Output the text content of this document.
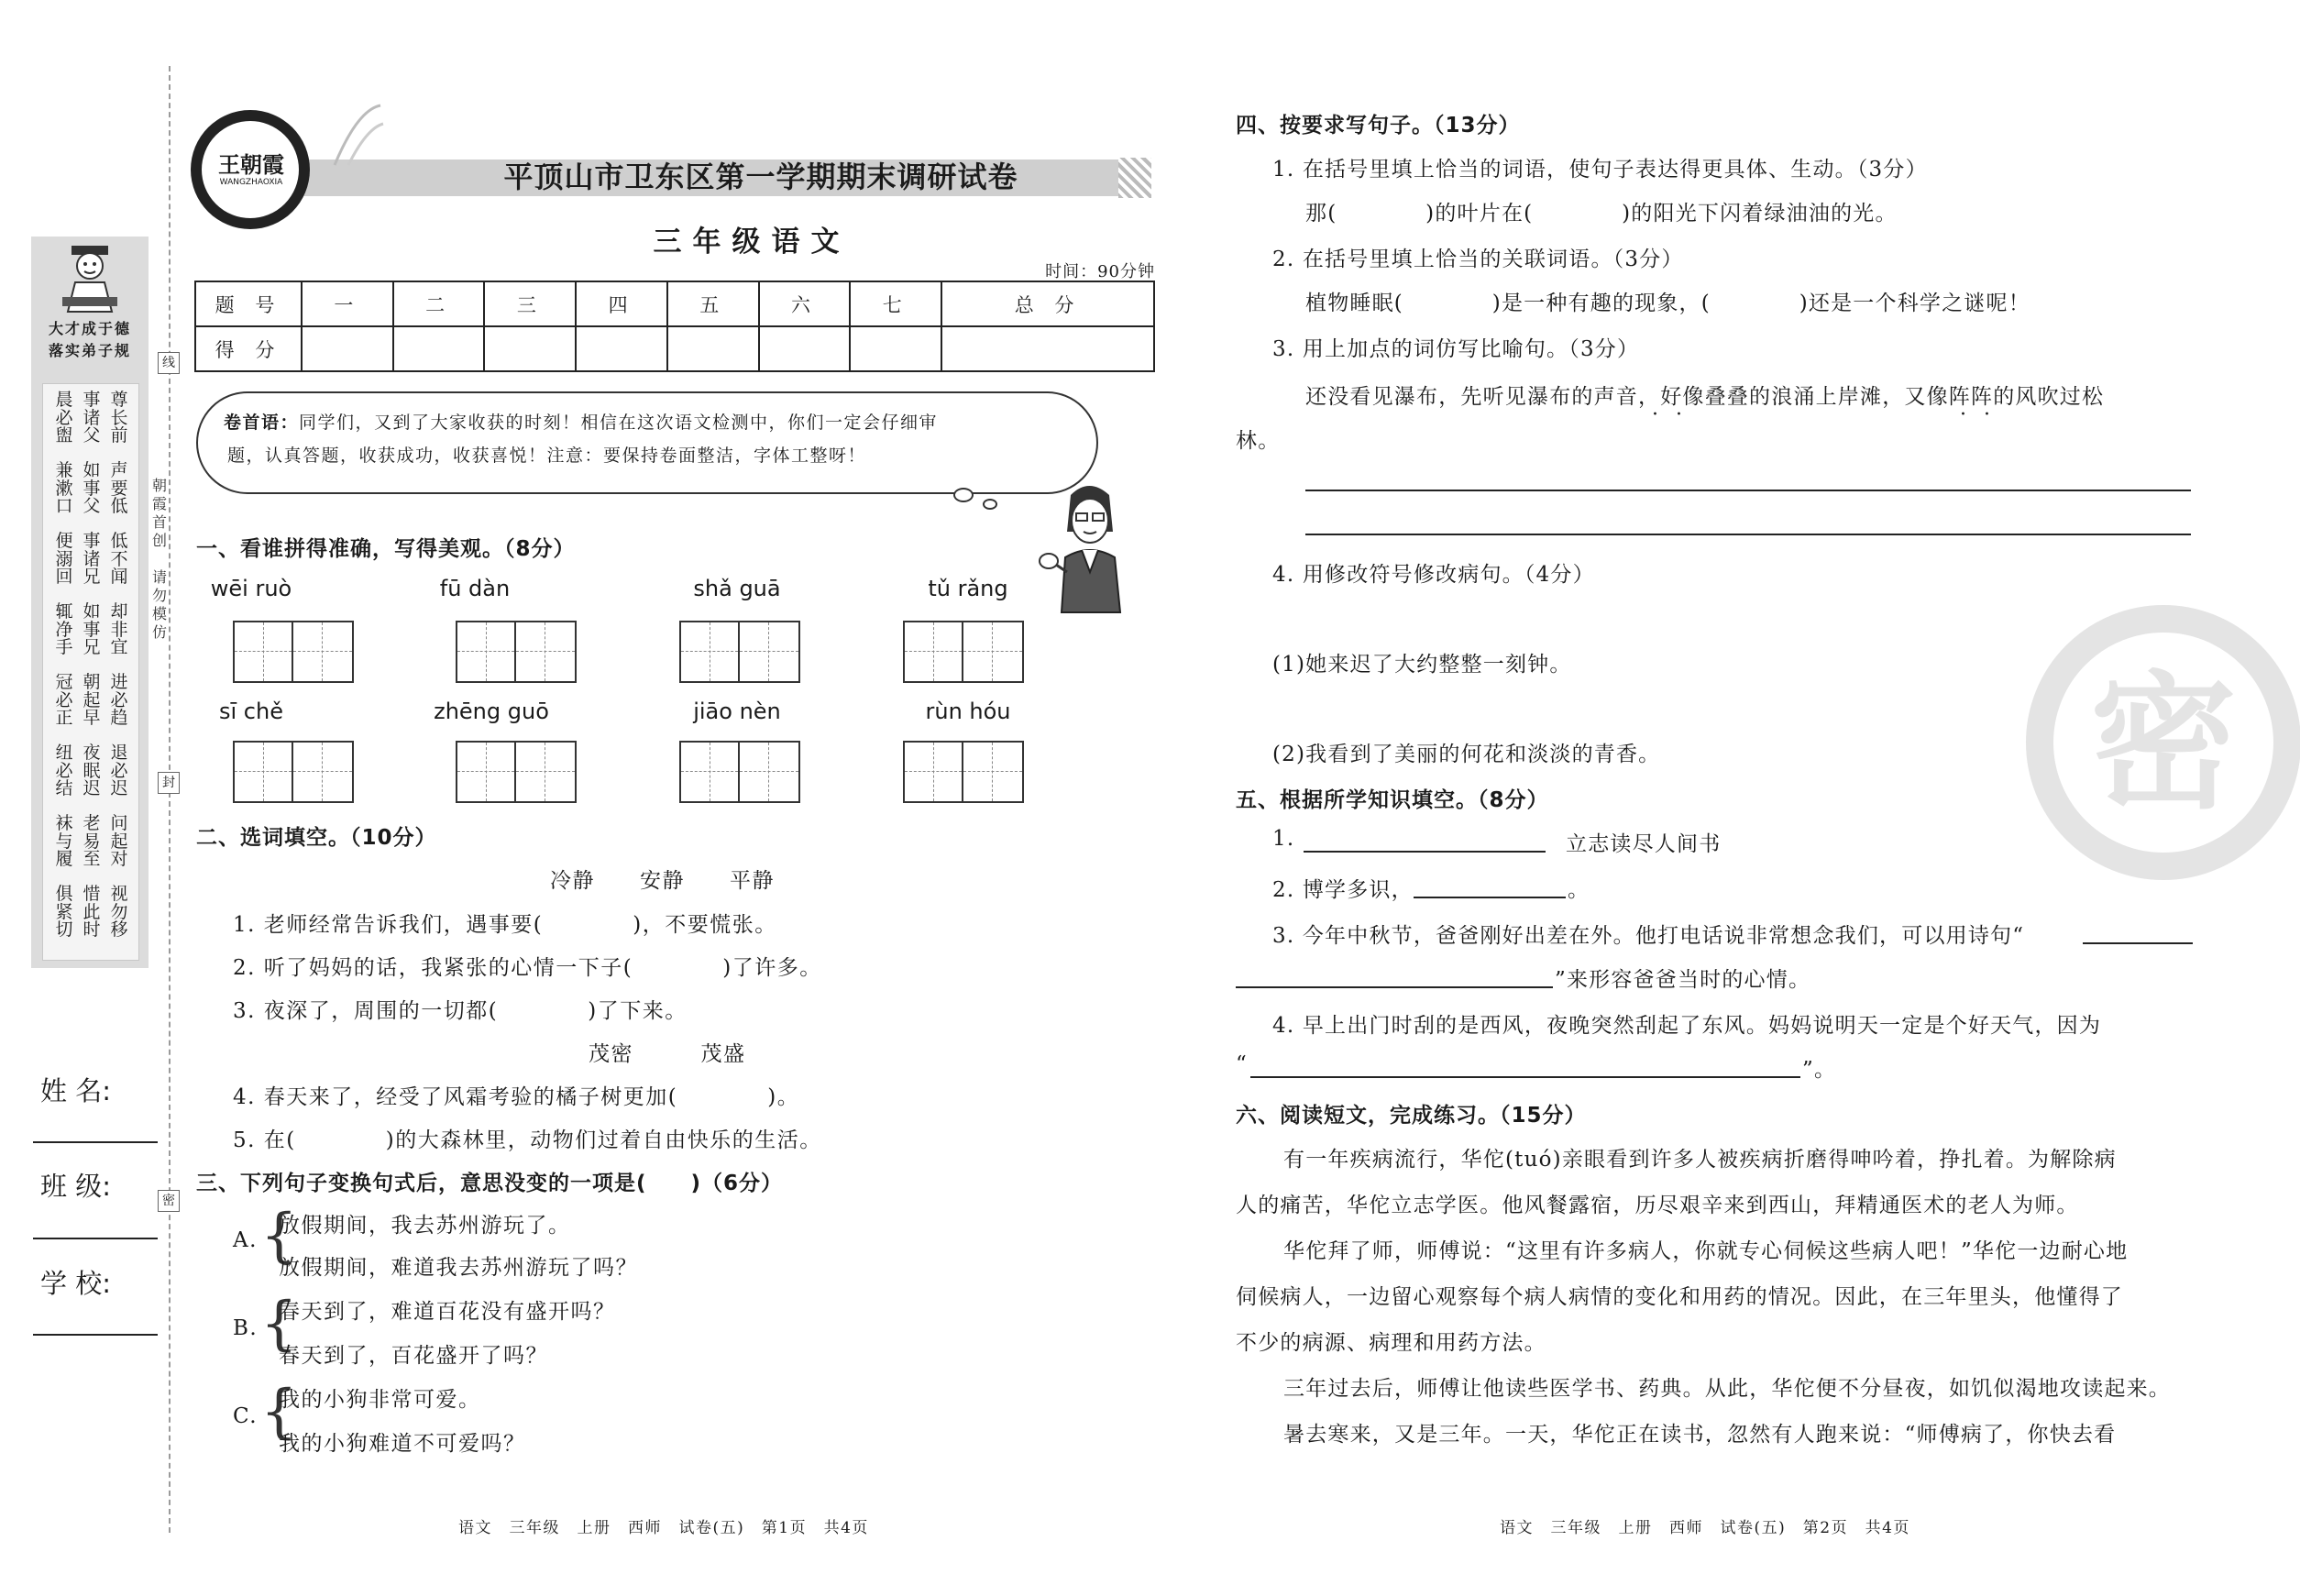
大才成于德
落实弟子规
晨必盥
事诸父
尊长前
兼漱口
如事父
声要低
便溺回
事诸兄
低不闻
辄净手
如事兄
却非宜
冠必正
朝起早
进必趋
纽必结
夜眠迟
退必迟
袜与履
老易至
问起对
俱紧切
惜此时
视勿移
线
封
密
朝霞首创
请勿模仿
姓 名:
班 级:
学 校:
王朝霞
WANGZHAOXIA	平顶山市卫东区第一学期期末调研试卷
三年级语文
时间：90分钟
题 号	一	二	三	四	五	六	七	总 分
得 分								
卷首语：同学们，又到了大家收获的时刻！相信在这次语文检测中，你们一定会仔细审
题，认真答题，收获成功，收获喜悦！注意：要保持卷面整洁，字体工整呀！
一、看谁拼得准确，写得美观。（8分）
wēi ruò	fū dàn	shǎ guā	tǔ rǎng
sī chě	zhēng guō	jiāo nèn	rùn hóu
二、选词填空。（10分）
冷静　　安静　　平静
1. 老师经常告诉我们，遇事要(　　　　)，不要慌张。
2. 听了妈妈的话，我紧张的心情一下子(　　　　)了许多。
3. 夜深了，周围的一切都(　　　　)了下来。
茂密　　　茂盛
4. 春天来了，经受了风霜考验的橘子树更加(　　　　)。
5. 在(　　　　)的大森林里，动物们过着自由快乐的生活。
三、下列句子变换句式后，意思没变的一项是(　　)（6分）
A. {
放假期间，我去苏州游玩了。
放假期间，难道我去苏州游玩了吗？
B. {
春天到了，难道百花没有盛开吗？
春天到了，百花盛开了吗？
C. {
我的小狗非常可爱。
我的小狗难道不可爱吗？
语文　三年级　上册　西师　试卷(五)　第1页　共4页
密
四、按要求写句子。（13分）
1. 在括号里填上恰当的词语，使句子表达得更具体、生动。（3分）
那(　　　　)的叶片在(　　　　)的阳光下闪着绿油油的光。
2. 在括号里填上恰当的关联词语。（3分）
植物睡眠(　　　　)是一种有趣的现象，(　　　　)还是一个科学之谜呢！
3. 用上加点的词仿写比喻句。（3分）
还没看见瀑布，先听见瀑布的声音，好像叠叠的浪涌上岸滩，又像阵阵的风吹过松
· ·	· ·
林。
4. 用修改符号修改病句。（4分）
(1)她来迟了大约整整一刻钟。
(2)我看到了美丽的何花和淡淡的青香。
五、根据所学知识填空。（8分）
1.	立志读尽人间书
2. 博学多识，	。
3. 今年中秋节，爸爸刚好出差在外。他打电话说非常想念我们，可以用诗句“
”来形容爸爸当时的心情。
4. 早上出门时刮的是西风，夜晚突然刮起了东风。妈妈说明天一定是个好天气，因为
“	”。
六、阅读短文，完成练习。（15分）
有一年疾病流行，华佗(tuó)亲眼看到许多人被疾病折磨得呻吟着，挣扎着。为解除病
人的痛苦，华佗立志学医。他风餐露宿，历尽艰辛来到西山，拜精通医术的老人为师。
华佗拜了师，师傅说：“这里有许多病人，你就专心伺候这些病人吧！”华佗一边耐心地
伺候病人，一边留心观察每个病人病情的变化和用药的情况。因此，在三年里头，他懂得了
不少的病源、病理和用药方法。
三年过去后，师傅让他读些医学书、药典。从此，华佗便不分昼夜，如饥似渴地攻读起来。
暑去寒来，又是三年。一天，华佗正在读书，忽然有人跑来说：“师傅病了，你快去看
语文　三年级　上册　西师　试卷(五)　第2页　共4页
